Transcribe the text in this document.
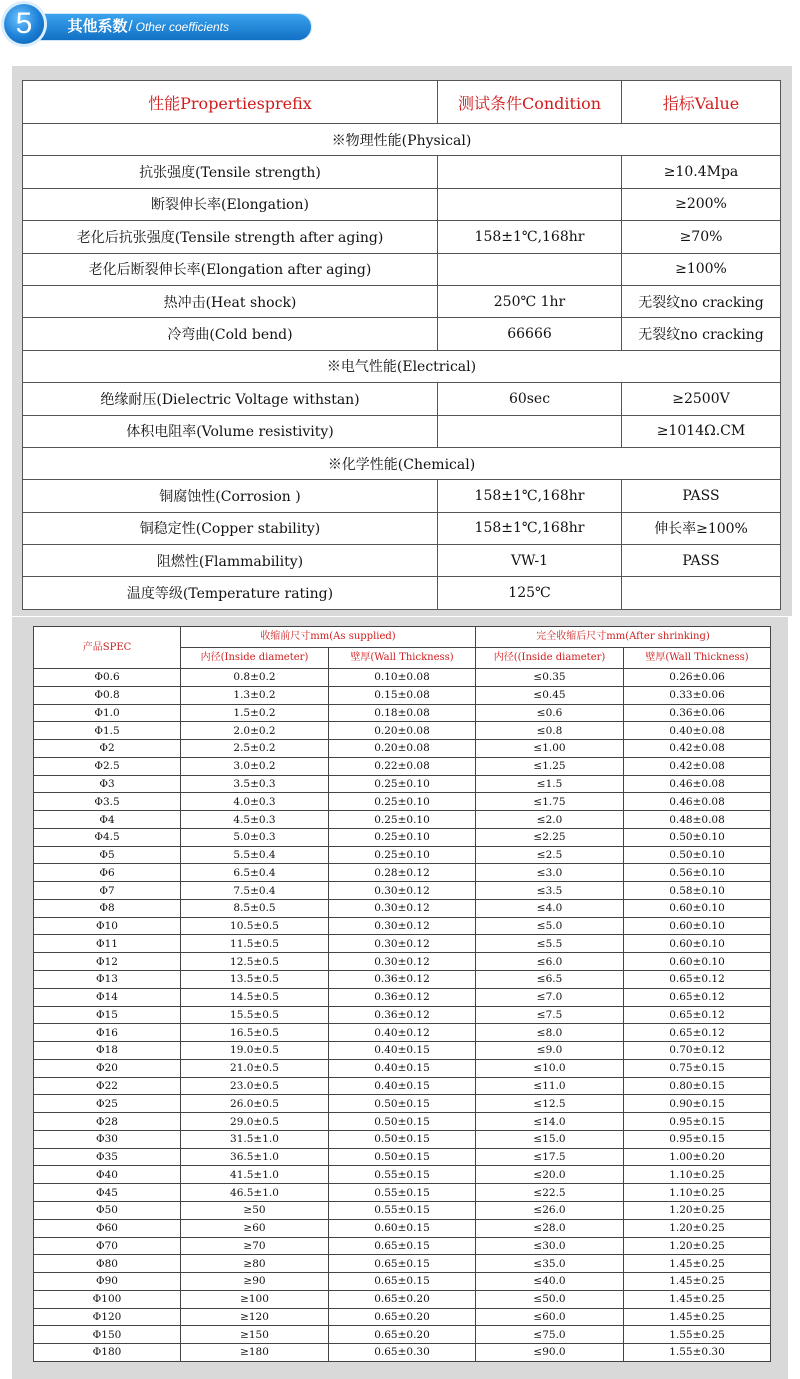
其他系数/ Other coefficients
5
性能Propertiesprefix	测试条件Condition	指标Value
※物理性能(Physical)		
抗张强度(Tensile strength)		≥10.4Mpa
断裂伸长率(Elongation)		≥200%
老化后抗张强度(Tensile strength after aging)	158±1℃,168hr	≥70%
老化后断裂伸长率(Elongation after aging)		≥100%
热冲击(Heat shock)	250℃ 1hr	无裂纹no cracking
冷弯曲(Cold bend)	66666	无裂纹no cracking
※电气性能(Electrical)		
绝缘耐压(Dielectric Voltage withstan)	60sec	≥2500V
体积电阻率(Volume resistivity)		≥1014Ω.CM
※化学性能(Chemical)		
铜腐蚀性(Corrosion )	158±1℃,168hr	PASS
铜稳定性(Copper stability)	158±1℃,168hr	伸长率≥100%
阻燃性(Flammability)	VW-1	PASS
温度等级(Temperature rating)	125℃	
产品SPEC	收缩前尺寸mm(As supplied)		完全收缩后尺寸mm(After shrinking)	
	内径(Inside diameter)	壁厚(Wall Thickness)	内径((Inside diameter)	壁厚(Wall Thickness)
Φ0.6	0.8±0.2	0.10±0.08	≤0.35	0.26±0.06
Φ0.8	1.3±0.2	0.15±0.08	≤0.45	0.33±0.06
Φ1.0	1.5±0.2	0.18±0.08	≤0.6	0.36±0.06
Φ1.5	2.0±0.2	0.20±0.08	≤0.8	0.40±0.08
Φ2	2.5±0.2	0.20±0.08	≤1.00	0.42±0.08
Φ2.5	3.0±0.2	0.22±0.08	≤1.25	0.42±0.08
Φ3	3.5±0.3	0.25±0.10	≤1.5	0.46±0.08
Φ3.5	4.0±0.3	0.25±0.10	≤1.75	0.46±0.08
Φ4	4.5±0.3	0.25±0.10	≤2.0	0.48±0.08
Φ4.5	5.0±0.3	0.25±0.10	≤2.25	0.50±0.10
Φ5	5.5±0.4	0.25±0.10	≤2.5	0.50±0.10
Φ6	6.5±0.4	0.28±0.12	≤3.0	0.56±0.10
Φ7	7.5±0.4	0.30±0.12	≤3.5	0.58±0.10
Φ8	8.5±0.5	0.30±0.12	≤4.0	0.60±0.10
Φ10	10.5±0.5	0.30±0.12	≤5.0	0.60±0.10
Φ11	11.5±0.5	0.30±0.12	≤5.5	0.60±0.10
Φ12	12.5±0.5	0.30±0.12	≤6.0	0.60±0.10
Φ13	13.5±0.5	0.36±0.12	≤6.5	0.65±0.12
Φ14	14.5±0.5	0.36±0.12	≤7.0	0.65±0.12
Φ15	15.5±0.5	0.36±0.12	≤7.5	0.65±0.12
Φ16	16.5±0.5	0.40±0.12	≤8.0	0.65±0.12
Φ18	19.0±0.5	0.40±0.15	≤9.0	0.70±0.12
Φ20	21.0±0.5	0.40±0.15	≤10.0	0.75±0.15
Φ22	23.0±0.5	0.40±0.15	≤11.0	0.80±0.15
Φ25	26.0±0.5	0.50±0.15	≤12.5	0.90±0.15
Φ28	29.0±0.5	0.50±0.15	≤14.0	0.95±0.15
Φ30	31.5±1.0	0.50±0.15	≤15.0	0.95±0.15
Φ35	36.5±1.0	0.50±0.15	≤17.5	1.00±0.20
Φ40	41.5±1.0	0.55±0.15	≤20.0	1.10±0.25
Φ45	46.5±1.0	0.55±0.15	≤22.5	1.10±0.25
Φ50	≥50	0.55±0.15	≤26.0	1.20±0.25
Φ60	≥60	0.60±0.15	≤28.0	1.20±0.25
Φ70	≥70	0.65±0.15	≤30.0	1.20±0.25
Φ80	≥80	0.65±0.15	≤35.0	1.45±0.25
Φ90	≥90	0.65±0.15	≤40.0	1.45±0.25
Φ100	≥100	0.65±0.20	≤50.0	1.45±0.25
Φ120	≥120	0.65±0.20	≤60.0	1.45±0.25
Φ150	≥150	0.65±0.20	≤75.0	1.55±0.25
Φ180	≥180	0.65±0.30	≤90.0	1.55±0.30
